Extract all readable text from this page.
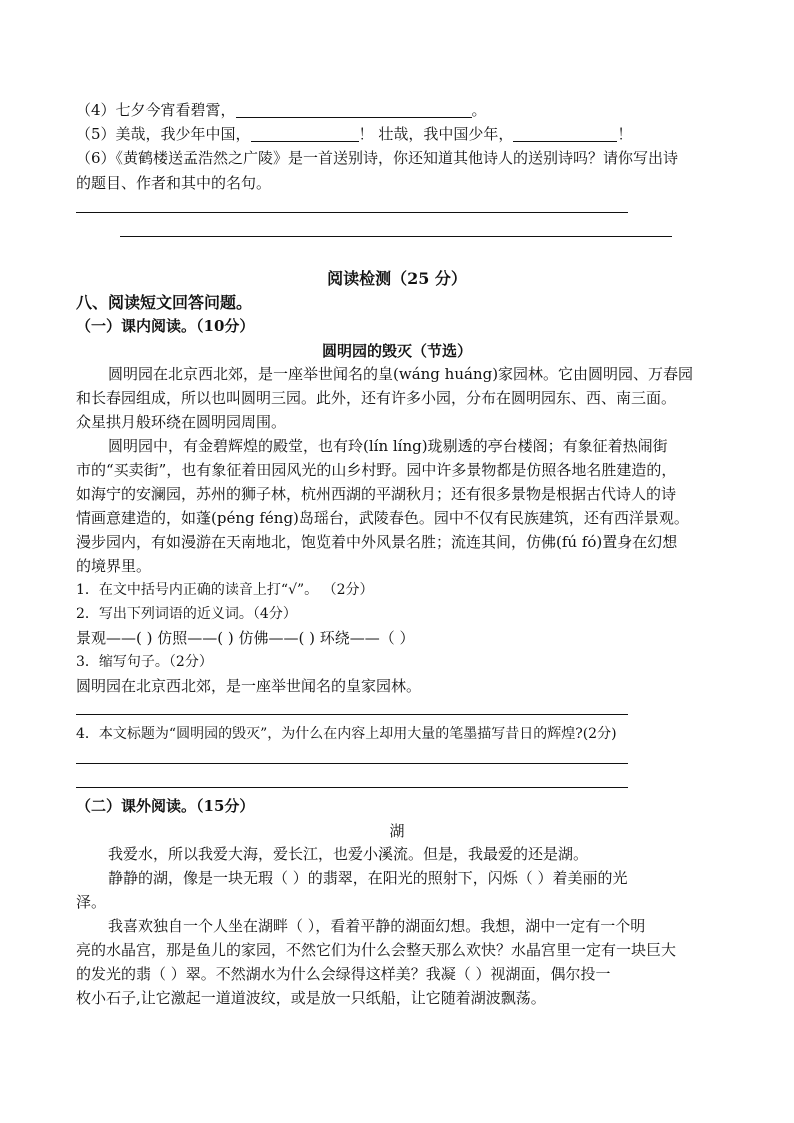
（4）七夕今宵看碧霄，	。
（5）美哉，我少年中国，	！ 壮哉，我中国少年，	！
（6）《黄鹤楼送孟浩然之广陵》是一首送别诗，你还知道其他诗人的送别诗吗？请你写出诗
的题目、作者和其中的名句。
阅读检测（25 分）
八、阅读短文回答问题。
（一）课内阅读。（10分）
圆明园的毁灭（节选）
圆明园在北京西北郊，是一座举世闻名的皇(wáng huáng)家园林。它由圆明园、万春园
和长春园组成，所以也叫圆明三园。此外，还有许多小园，分布在圆明园东、西、南三面。
众星拱月般环绕在圆明园周围。
圆明园中，有金碧辉煌的殿堂，也有玲(lín líng)珑剔透的亭台楼阁；有象征着热闹街
市的“买卖街”，也有象征着田园风光的山乡村野。园中许多景物都是仿照各地名胜建造的，
如海宁的安澜园，苏州的狮子林，杭州西湖的平湖秋月；还有很多景物是根据古代诗人的诗
情画意建造的，如蓬(péng féng)岛瑶台，武陵春色。园中不仅有民族建筑，还有西洋景观。
漫步园内，有如漫游在天南地北，饱览着中外风景名胜；流连其间，仿佛(fú fó)置身在幻想
的境界里。
1．在文中括号内正确的读音上打“√”。 （2分）
2．写出下列词语的近义词。（4分）
景观——( ) 仿照——( ) 仿佛——( ) 环绕——（ ）
3．缩写句子。（2分）
圆明园在北京西北郊，是一座举世闻名的皇家园林。
4．本文标题为“圆明园的毁灭”，为什么在内容上却用大量的笔墨描写昔日的辉煌?(2分)
（二）课外阅读。（15分）
湖
我爱水，所以我爱大海，爱长江，也爱小溪流。但是，我最爱的还是湖。
静静的湖，像是一块无瑕（ ）的翡翠，在阳光的照射下，闪烁（ ）着美丽的光
泽。
我喜欢独自一个人坐在湖畔（ ），看着平静的湖面幻想。我想，湖中一定有一个明
亮的水晶宫，那是鱼儿的家园，不然它们为什么会整天那么欢快？水晶宫里一定有一块巨大
的发光的翡（ ）翠。不然湖水为什么会绿得这样美？我凝（ ）视湖面，偶尔投一
枚小石子,让它激起一道道波纹，或是放一只纸船，让它随着湖波飘荡。
